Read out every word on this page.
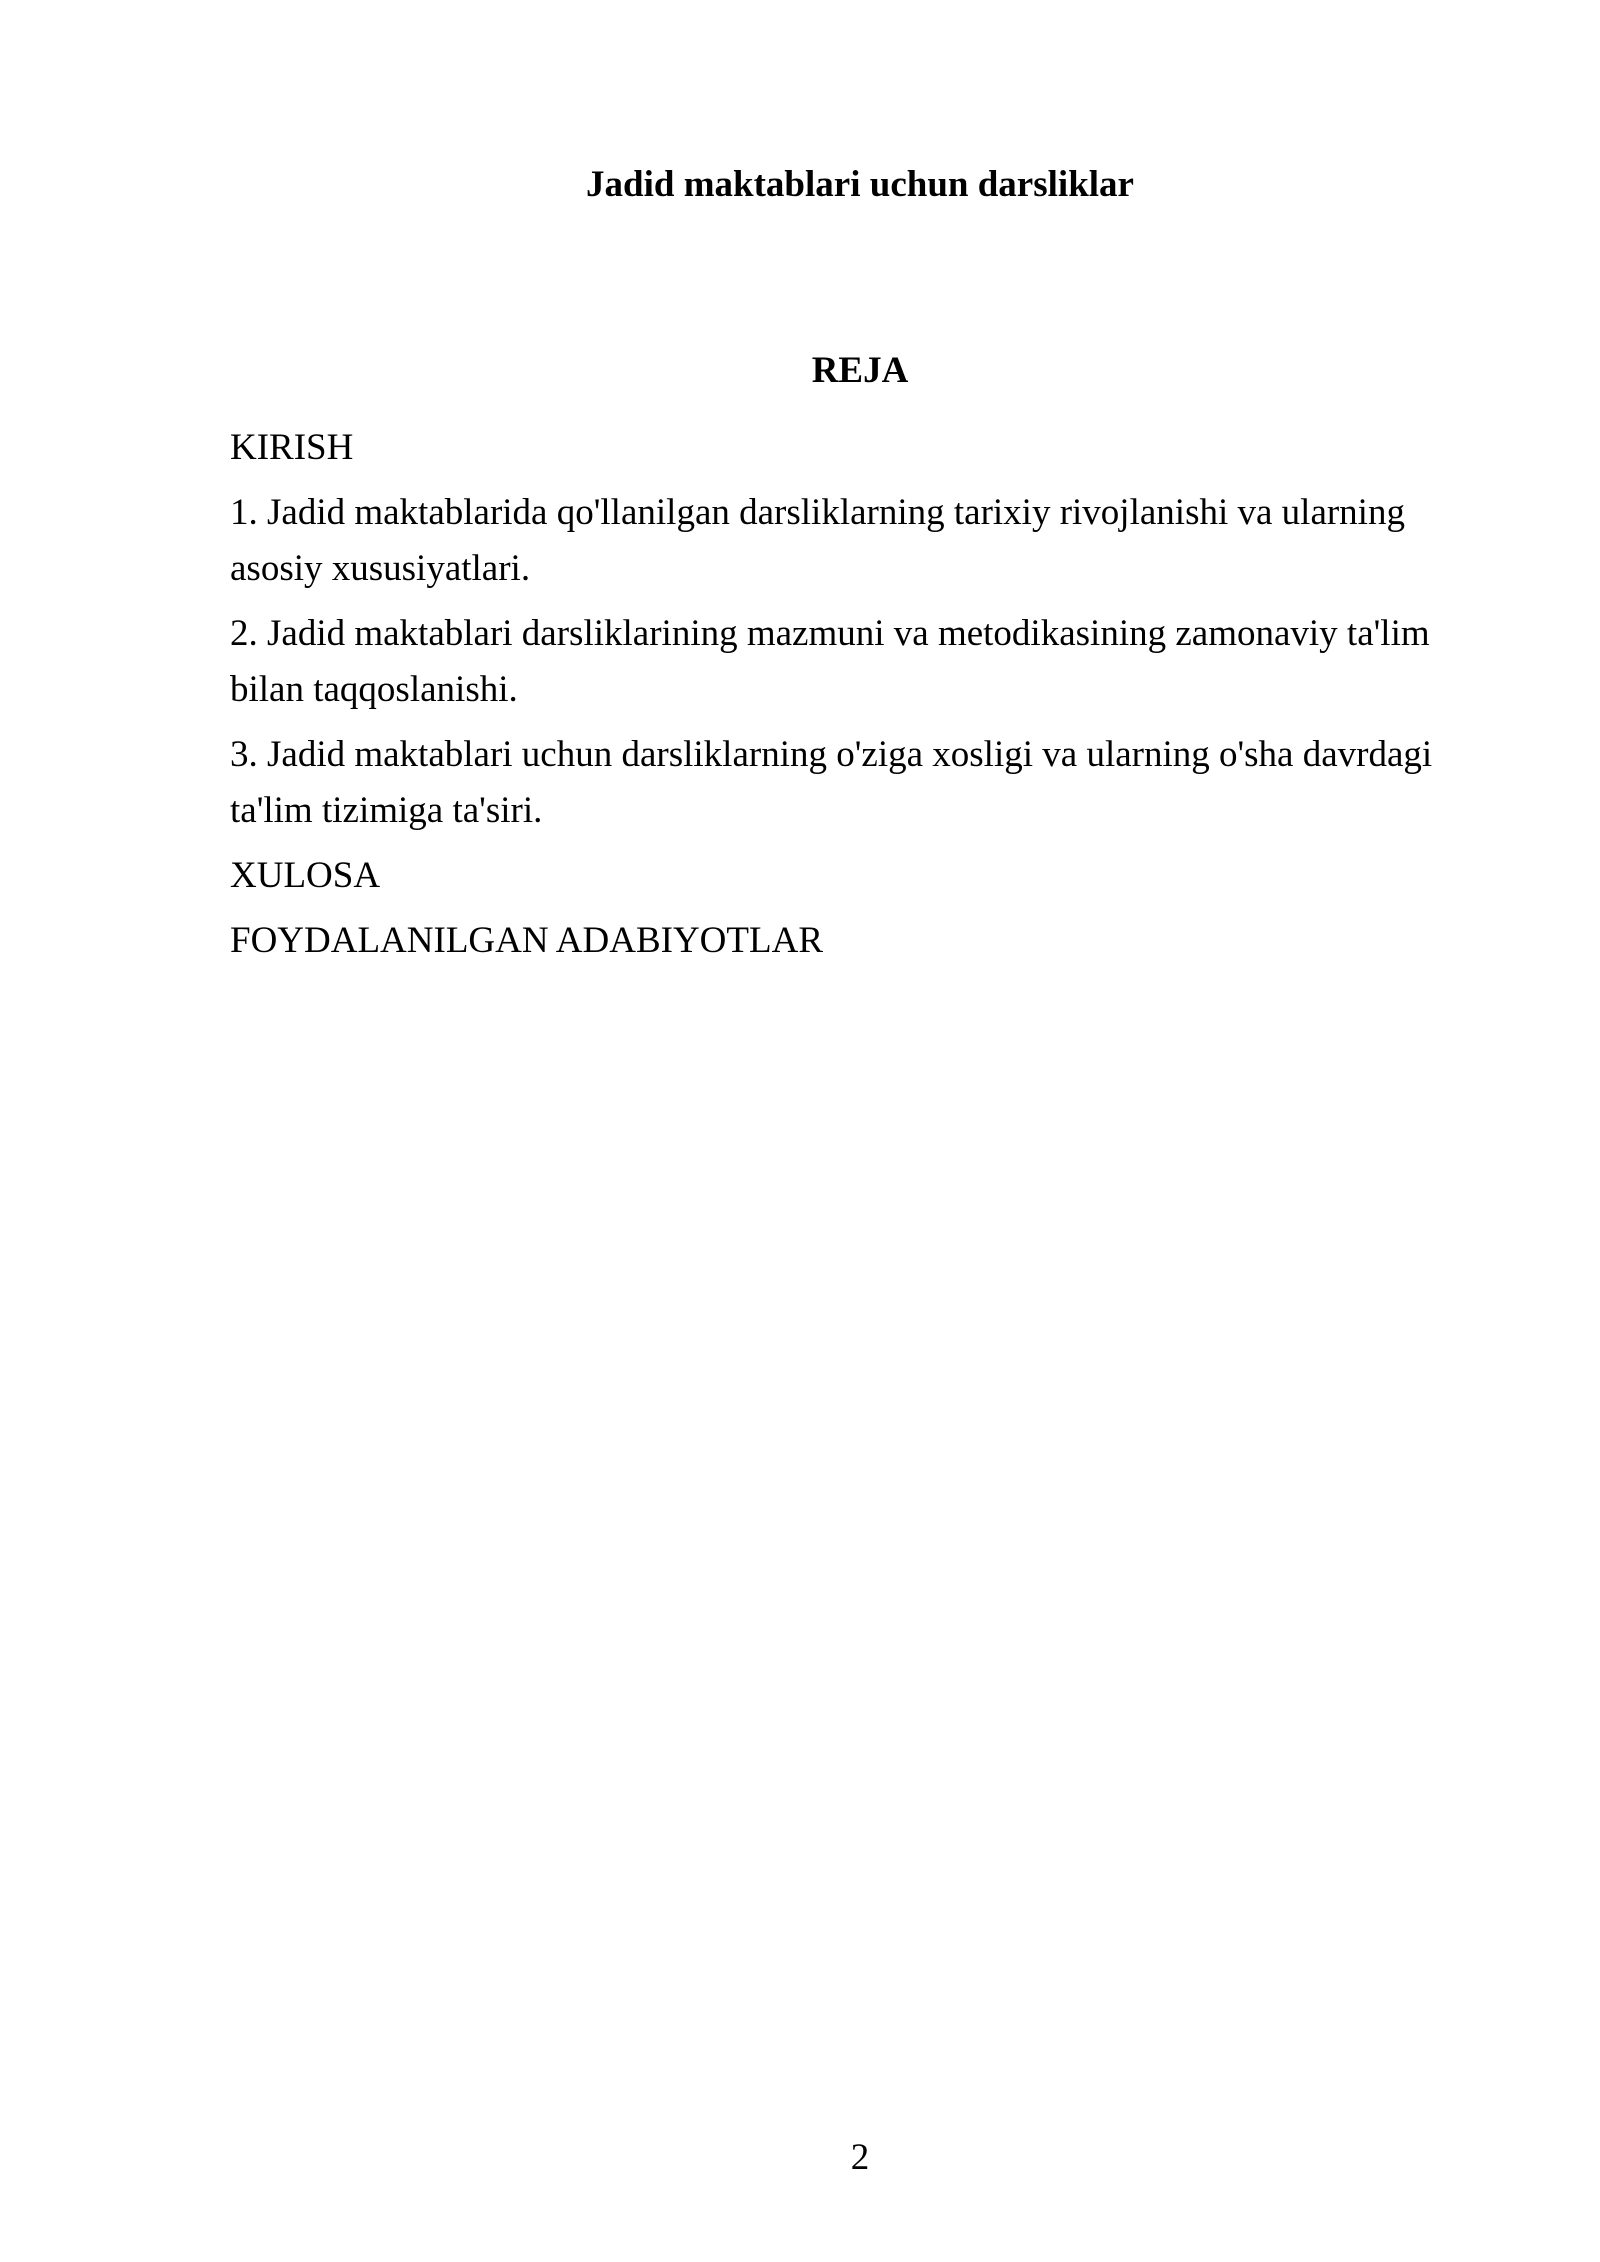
Jadid maktablari uchun darsliklar
REJA
KIRISH
1. Jadid maktablarida qo'llanilgan darsliklarning tarixiy rivojlanishi va ularning asosiy xususiyatlari.
2. Jadid maktablari darsliklarining mazmuni va metodikasining zamonaviy ta'lim bilan taqqoslanishi.
3. Jadid maktablari uchun darsliklarning o'ziga xosligi va ularning o'sha davrdagi ta'lim tizimiga ta'siri.
XULOSA
FOYDALANILGAN ADABIYOTLAR
2
